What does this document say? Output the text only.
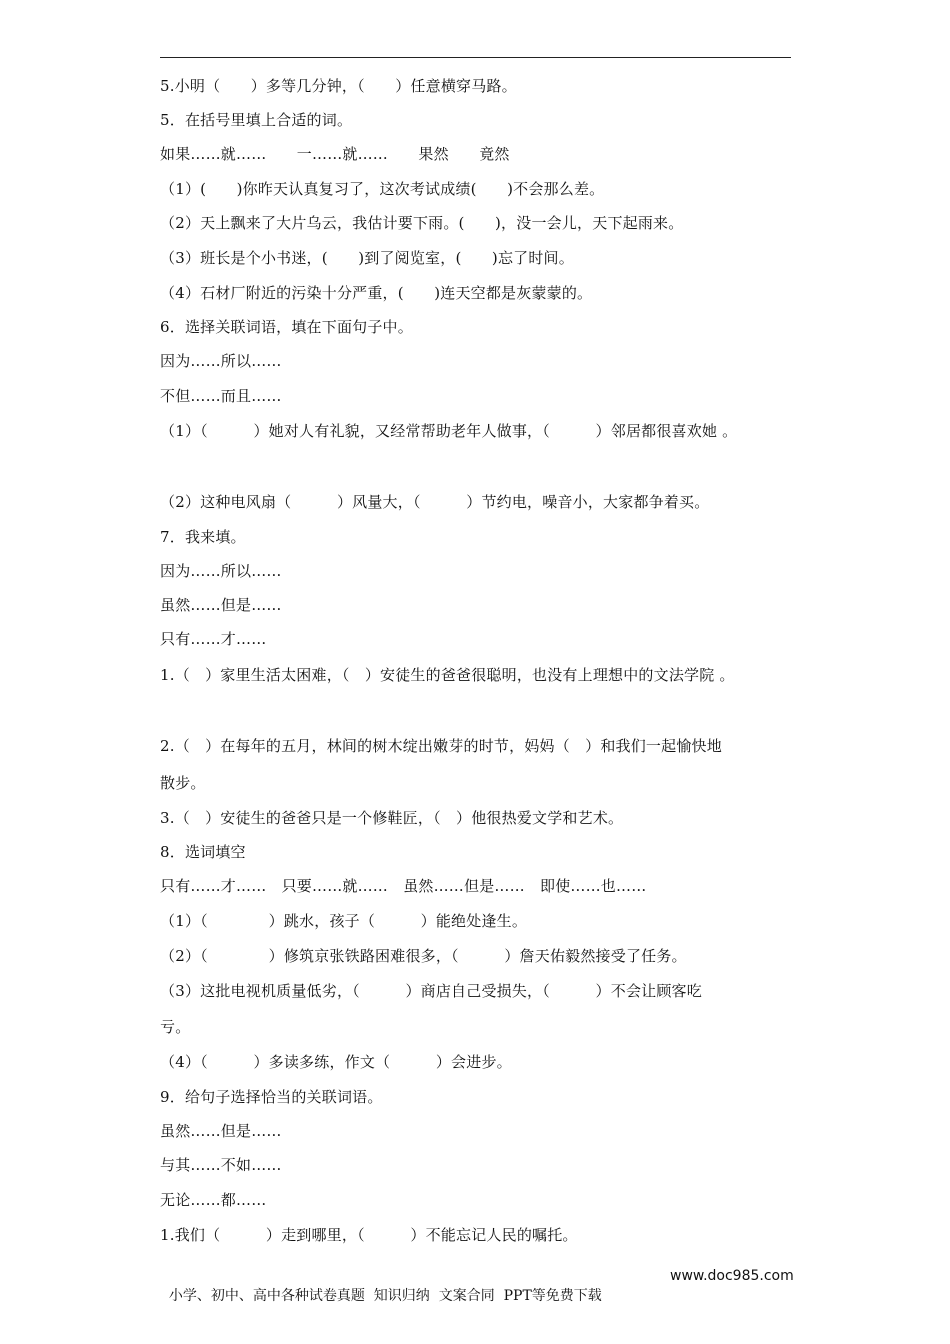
5.小明（　　）多等几分钟，（　　）任意横穿马路。
5．在括号里填上合适的词。
如果……就……　　一……就……　　果然　　竟然
（1）(　　)你昨天认真复习了，这次考试成绩(　　)不会那么差。
（2）天上飘来了大片乌云，我估计要下雨。(　　)，没一会儿，天下起雨来。
（3）班长是个小书迷，(　　)到了阅览室，(　　)忘了时间。
（4）石材厂附近的污染十分严重，(　　)连天空都是灰蒙蒙的。
6．选择关联词语，填在下面句子中。
因为……所以……
不但……而且……
（1）（　　　）她对人有礼貌，又经常帮助老年人做事，（　　　）邻居都很喜欢她 。
（2）这种电风扇（　　　）风量大，（　　　）节约电，噪音小，大家都争着买。
7．我来填。
因为……所以……
虽然……但是……
只有……才……
1.（　）家里生活太困难，（　）安徒生的爸爸很聪明，也没有上理想中的文法学院 。
2.（　）在每年的五月，林间的树木绽出嫩芽的时节，妈妈（　）和我们一起愉快地
散步。
3.（　）安徒生的爸爸只是一个修鞋匠，（　）他很热爱文学和艺术。
8．选词填空
只有……才……　只要……就……　虽然……但是……　即使……也……
（1）（　　　　）跳水，孩子（　　　）能绝处逢生。
（2）（　　　　）修筑京张铁路困难很多，（　　　）詹天佑毅然接受了任务。
（3）这批电视机质量低劣，（　　　）商店自己受损失，（　　　）不会让顾客吃
亏。
（4）（　　　）多读多练，作文（　　　）会进步。
9．给句子选择恰当的关联词语。
虽然……但是……
与其……不如……
无论……都……
1.我们（　　　）走到哪里，（　　　）不能忘记人民的嘱托。

小学、初中、高中各种试卷真题  知识归纳  文案合同  PPT等免费下载

www.doc985.com
